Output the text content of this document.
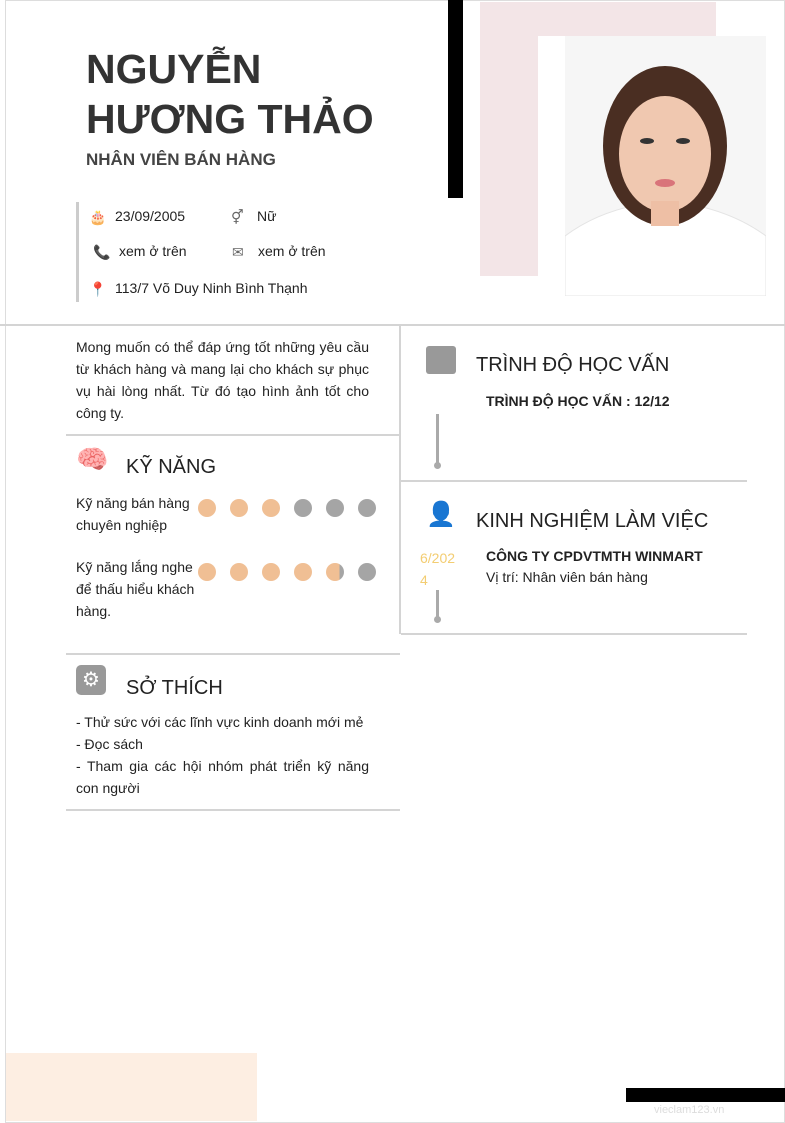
NGUYỄN HƯƠNG THẢO
NHÂN VIÊN BÁN HÀNG
🎂 23/09/2005	⚥ Nữ
📞 xem ở trên	✉	xem ở trên
📍 113/7 Võ Duy Ninh Bình Thạnh
Mong muốn có thể đáp ứng tốt những yêu cầu từ khách hàng và mang lại cho khách sự phục vụ hài lòng nhất. Từ đó tạo hình ảnh tốt cho công ty.
🧠 KỸ NĂNG
Kỹ năng bán hàng chuyên nghiệp
Kỹ năng lắng nghe để thấu hiểu khách hàng.
⚙	SỞ THÍCH
- Thử sức với các lĩnh vực kinh doanh mới mẻ
- Đọc sách
- Tham gia các hội nhóm phát triển kỹ năng con người
TRÌNH ĐỘ HỌC VẤN
TRÌNH ĐỘ HỌC VẤN : 12/12
👤 KINH NGHIỆM LÀM VIỆC
6/2024
CÔNG TY CPDVTMTH WINMART
Vị trí: Nhân viên bán hàng
vieclam123.vn
